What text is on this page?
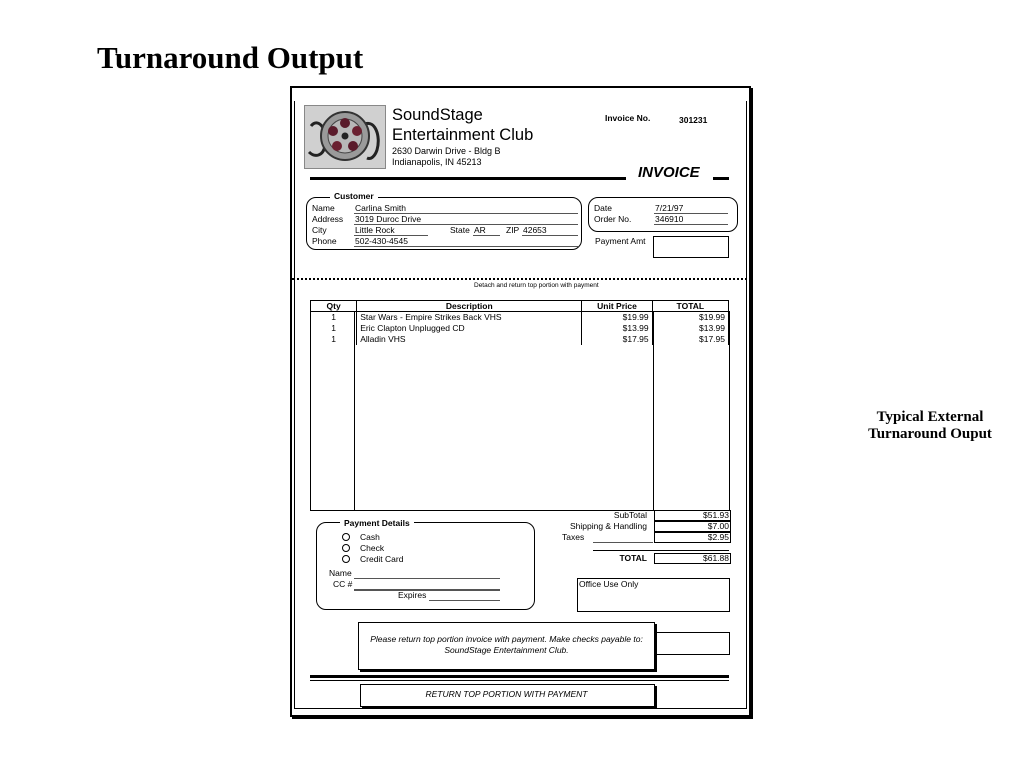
Turnaround Output
Typical External
Turnaround Ouput
SoundStage
Entertainment Club
2630 Darwin Drive - Bldg B
Indianapolis, IN 45213
Invoice No.	301231
INVOICE
Customer
Name Carlina Smith
Address 3019 Duroc Drive
City	Little Rock	State AR ZIP 42653
Phone 502-430-4545
Date	7/21/97
Order No.	346910
Payment Amt
Detach and return top portion with payment
Qty	Description	Unit Price	TOTAL
1	Star Wars - Empire Strikes Back VHS	$19.99	$19.99
1	Eric Clapton Unplugged CD	$13.99	$13.99
1	Alladin VHS	$17.95	$17.95
SubTotal	$51.93
Shipping & Handling	$7.00
Taxes	$2.95
TOTAL	$61.88
Payment Details
Cash
Check
Credit Card
Name
CC #
Expires
Office Use Only
Please return top portion invoice with payment. Make checks payable to:
SoundStage Entertainment Club.
RETURN TOP PORTION WITH PAYMENT
